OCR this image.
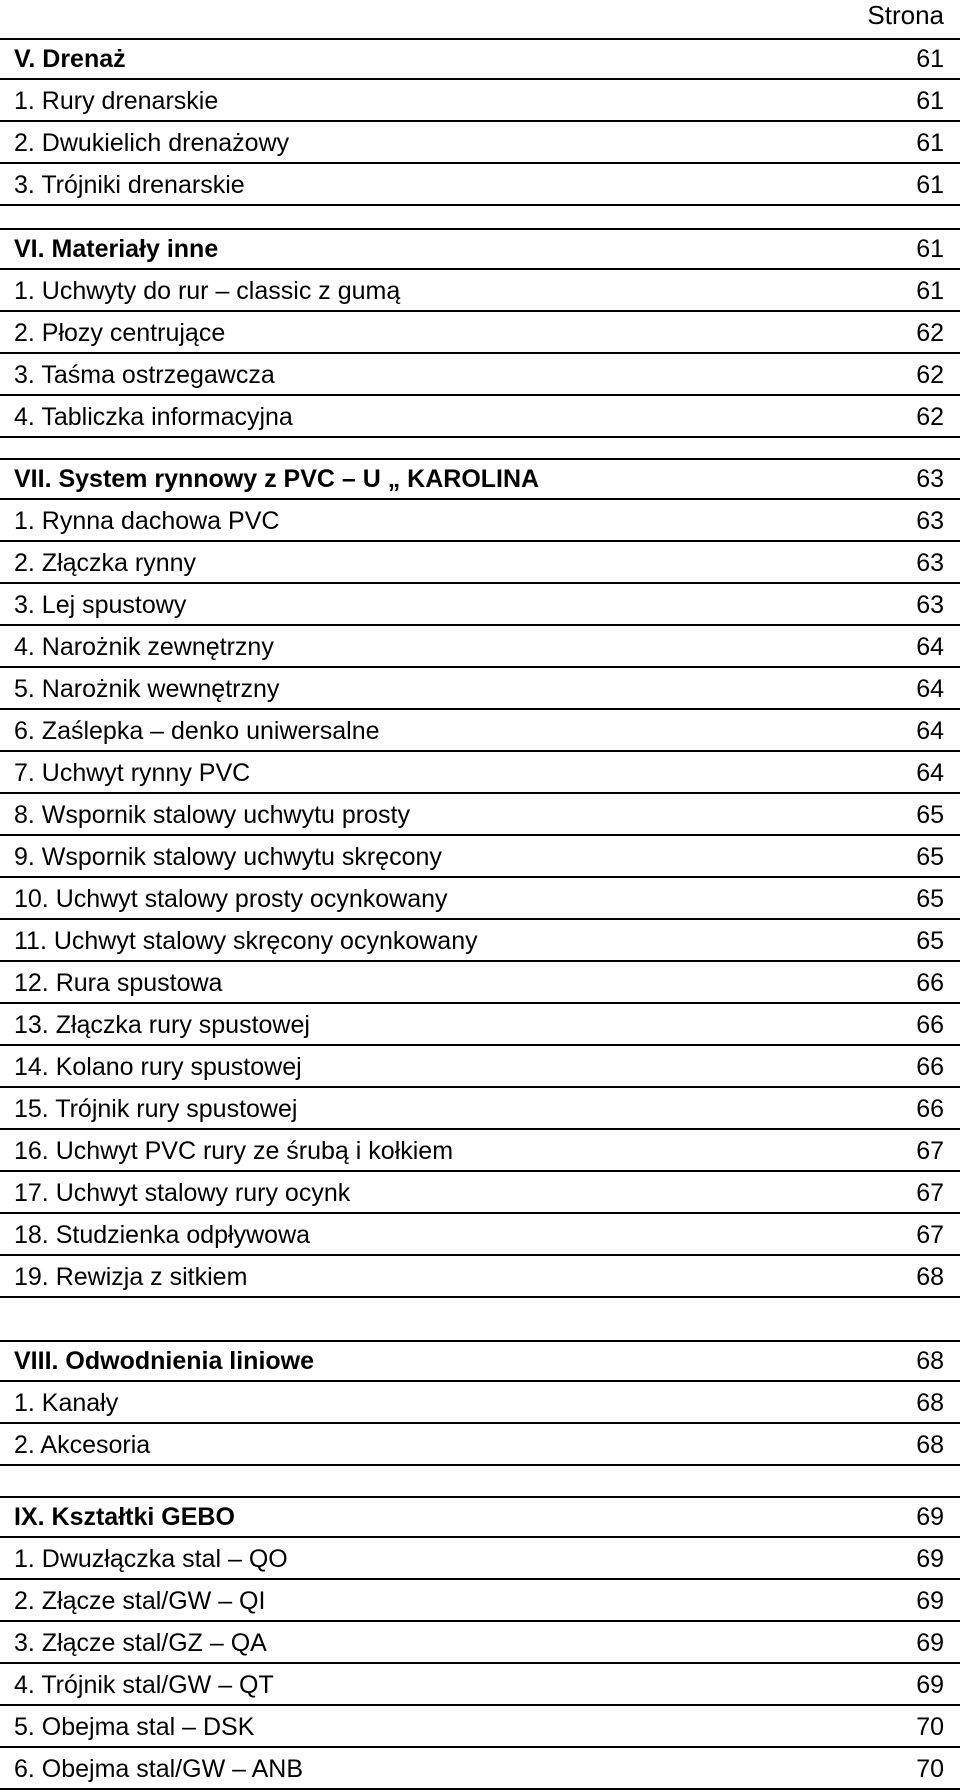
Strona
V. Drenaż	61
1. Rury drenarskie	61
2. Dwukielich drenażowy	61
3. Trójniki drenarskie	61
VI. Materiały inne	61
1. Uchwyty do rur – classic z gumą	61
2. Płozy centrujące	62
3. Taśma ostrzegawcza	62
4. Tabliczka informacyjna	62
VII. System rynnowy z PVC – U „ KAROLINA	63
1. Rynna dachowa PVC	63
2. Złączka rynny	63
3. Lej spustowy	63
4. Narożnik zewnętrzny	64
5. Narożnik wewnętrzny	64
6. Zaślepka – denko uniwersalne	64
7. Uchwyt rynny PVC	64
8. Wspornik stalowy uchwytu prosty	65
9. Wspornik stalowy uchwytu skręcony	65
10. Uchwyt stalowy prosty ocynkowany	65
11. Uchwyt stalowy skręcony ocynkowany	65
12. Rura spustowa	66
13. Złączka rury spustowej	66
14. Kolano rury spustowej	66
15. Trójnik rury spustowej	66
16. Uchwyt PVC rury ze śrubą i kołkiem	67
17. Uchwyt stalowy rury ocynk	67
18. Studzienka odpływowa	67
19. Rewizja z sitkiem	68
VIII. Odwodnienia liniowe	68
1. Kanały	68
2. Akcesoria	68
IX. Kształtki GEBO	69
1. Dwuzłączka stal – QO	69
2. Złącze stal/GW – QI	69
3. Złącze stal/GZ – QA	69
4. Trójnik stal/GW – QT	69
5. Obejma stal – DSK	70
6. Obejma stal/GW – ANB	70
